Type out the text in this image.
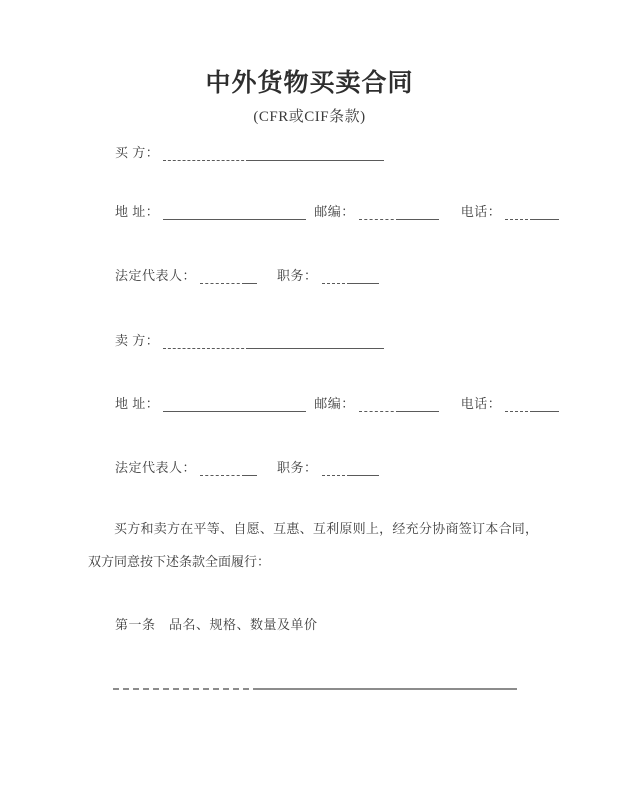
中外货物买卖合同
(CFR或CIF条款)
买 方：
地 址：	邮编：	电话：
法定代表人：	职务：
卖 方：
地 址：	邮编：	电话：
法定代表人：	职务：
买方和卖方在平等、自愿、互惠、互利原则上，经充分协商签订本合同，双方同意按下述条款全面履行：
第一条　品名、规格、数量及单价
